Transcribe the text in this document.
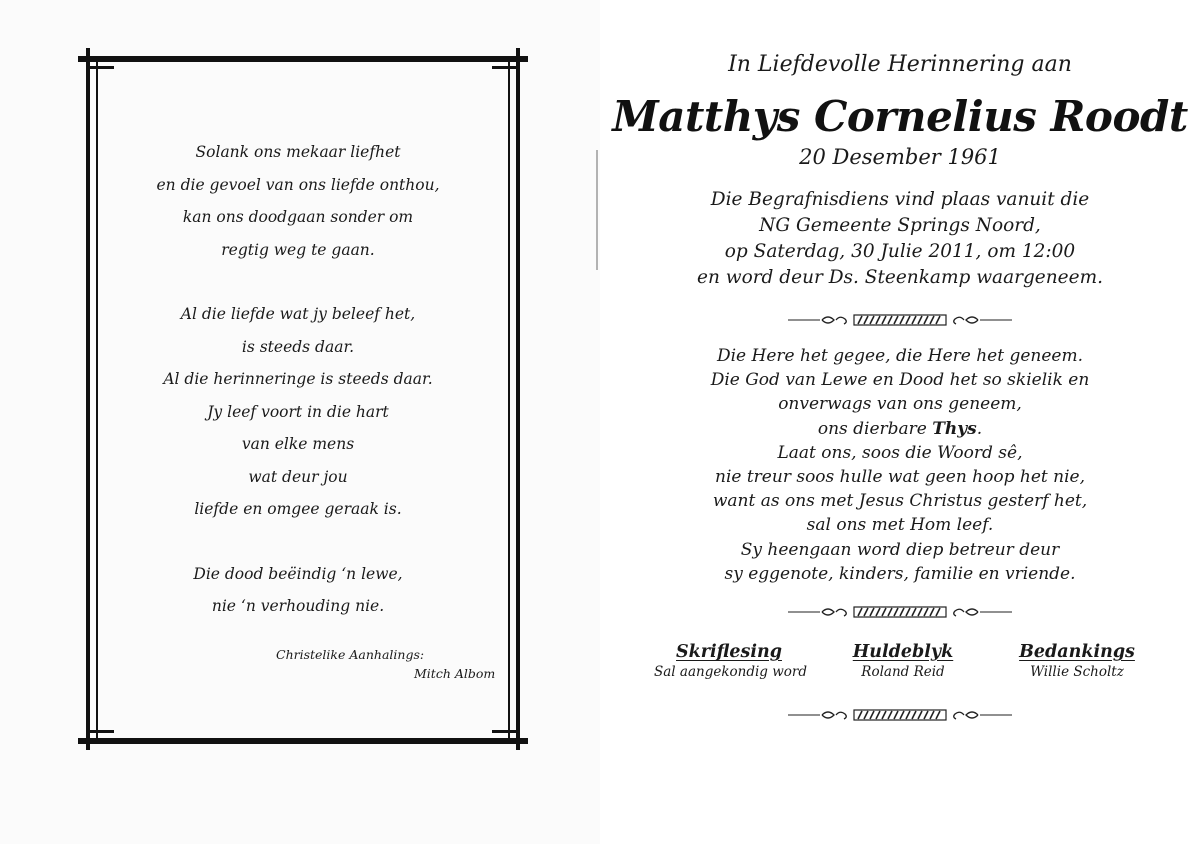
Solank ons mekaar liefhet
en die gevoel van ons liefde onthou,
kan ons doodgaan sonder om
regtig weg te gaan.
Al die liefde wat jy beleef het,
is steeds daar.
Al die herinneringe is steeds daar.
Jy leef voort in die hart
van elke mens
wat deur jou
liefde en omgee geraak is.
Die dood beëindig ‘n lewe,
nie ‘n verhouding nie.
Christelike Aanhalings:
Mitch Albom
In Liefdevolle Herinnering aan
Matthys Cornelius Roodt
20 Desember 1961
Die Begrafnisdiens vind plaas vanuit die
NG Gemeente Springs Noord,
op Saterdag, 30 Julie 2011, om 12:00
en word deur Ds. Steenkamp waargeneem.
Die Here het gegee, die Here het geneem.
Die God van Lewe en Dood het so skielik en
onverwags van ons geneem,
ons dierbare Thys.
Laat ons, soos die Woord sê,
nie treur soos hulle wat geen hoop het nie,
want as ons met Jesus Christus gesterf het,
sal ons met Hom leef.
Sy heengaan word diep betreur deur
sy eggenote, kinders, familie en vriende.
Skriflesing
Sal aangekondig word
Huldeblyk
Roland Reid
Bedankings
Willie Scholtz
